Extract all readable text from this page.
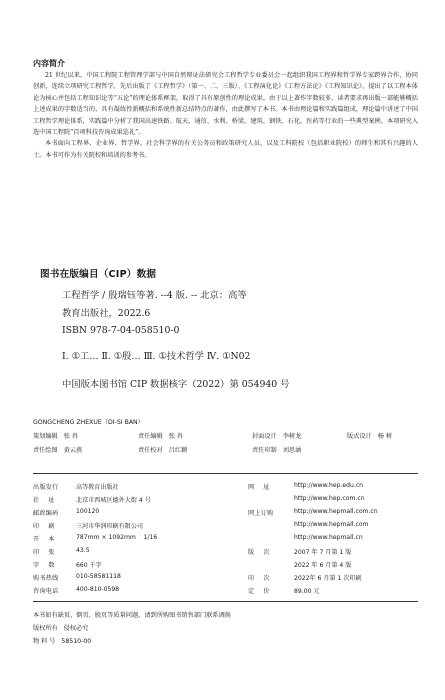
内容简介

21 世纪以来，中国工程院工程管理学部与中国自然辩证法研究会工程哲学专业委员会一起组织我国工程界和哲学界专家跨界合作，协同创新，连续立项研究工程哲学，先后出版了《工程哲学》（第一、二、三版）、《工程演化论》《工程方法论》《工程知识论》，提出了以工程本体论为核心并包括工程知识论等“五论”的理论体系框架，取得了具有原创性的理论成果。由于以上著作字数较多，读者要求再出版一部能够概括上述成果的字数适当的、具有凝练性新概括和系统性新总结特点的著作，由此撰写了本书。本书由理论篇和实践篇组成，理论篇中讲述了中国工程哲学理论体系，实践篇中分析了我国高速铁路、航天、通信、水利、桥梁、建筑、钢铁、石化、医药等行业的一些典型案例。本项研究入选中国工程院“百项科技咨询成果巡礼”。

本书面向工程界、企业界、哲学界、社会科学界的有关公务员和政策研究人员，以及工科院校（包括职业院校）的师生和其有兴趣的人士。本书可作为有关院校和培训的参考书。

图书在版编目（CIP）数据
工程哲学 / 殷瑞钰等著. --4 版. -- 北京：高等
教育出版社，2022.6
ISBN 978-7-04-058510-0
Ⅰ. ①工… Ⅱ. ①殷… Ⅲ. ①技术哲学 Ⅳ. ①N02
中国版本图书馆 CIP 数据核字（2022）第 054940 号
GONGCHENG ZHEXUE（DI-SI BAN）
策划编辑 张 冉	责任编辑 张 冉	封面设计 李树龙	版式设计 杨 树
责任绘图 黄云燕	责任校对 吕红颖	责任印制 刘思涵
出版发行	高等教育出版社
社    址	北京市西城区德外大街 4 号
邮政编码	100120
印    刷	三河市华润印刷有限公司
开    本	787mm × 1092mm    1/16
印    张	43.5
字    数	660 千字
购书热线	010-58581118
咨询电话	400-810-0598
网    址	http://www.hep.edu.cn
http://www.hep.com.cn
网上订购	http://www.hepmall.com.cn
http://www.hepmall.com
http://www.hepmall.cn
版    次	2007 年 7 月第 1 版
2022 年 6 月第 4 版
印    次	2022年 6 月第 1 次印刷
定    价	89.00 元
本书如有缺页、倒页、脱页等质量问题，请到所购图书销售部门联系调换
版权所有 侵权必究
物 料 号 58510-00
